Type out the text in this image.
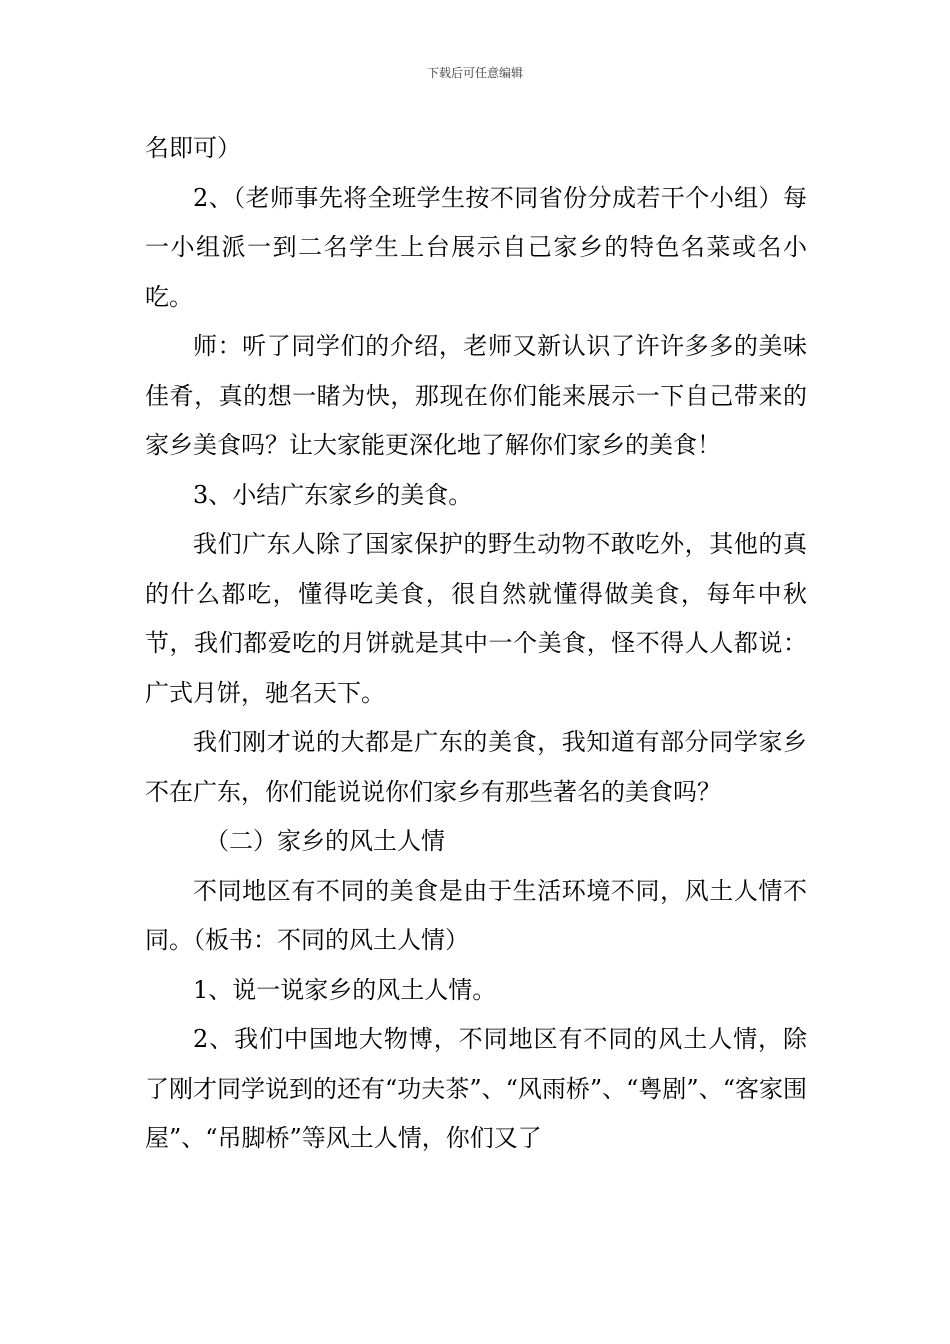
下载后可任意编辑

名即可）

2、（老师事先将全班学生按不同省份分成若干个小组）每一小组派一到二名学生上台展示自己家乡的特色名菜或名小吃。

师：听了同学们的介绍，老师又新认识了许许多多的美味佳肴，真的想一睹为快，那现在你们能来展示一下自己带来的家乡美食吗？让大家能更深化地了解你们家乡的美食！

3、小结广东家乡的美食。

我们广东人除了国家保护的野生动物不敢吃外，其他的真的什么都吃，懂得吃美食，很自然就懂得做美食，每年中秋节，我们都爱吃的月饼就是其中一个美食，怪不得人人都说：广式月饼，驰名天下。

我们刚才说的大都是广东的美食，我知道有部分同学家乡不在广东，你们能说说你们家乡有那些著名的美食吗？

（二）家乡的风土人情

不同地区有不同的美食是由于生活环境不同，风土人情不同。（板书：不同的风土人情）

1、说一说家乡的风土人情。

2、我们中国地大物博，不同地区有不同的风土人情，除了刚才同学说到的还有“功夫茶”、“风雨桥”、“粤剧”、“客家围屋”、“吊脚桥”等风土人情，你们又了
